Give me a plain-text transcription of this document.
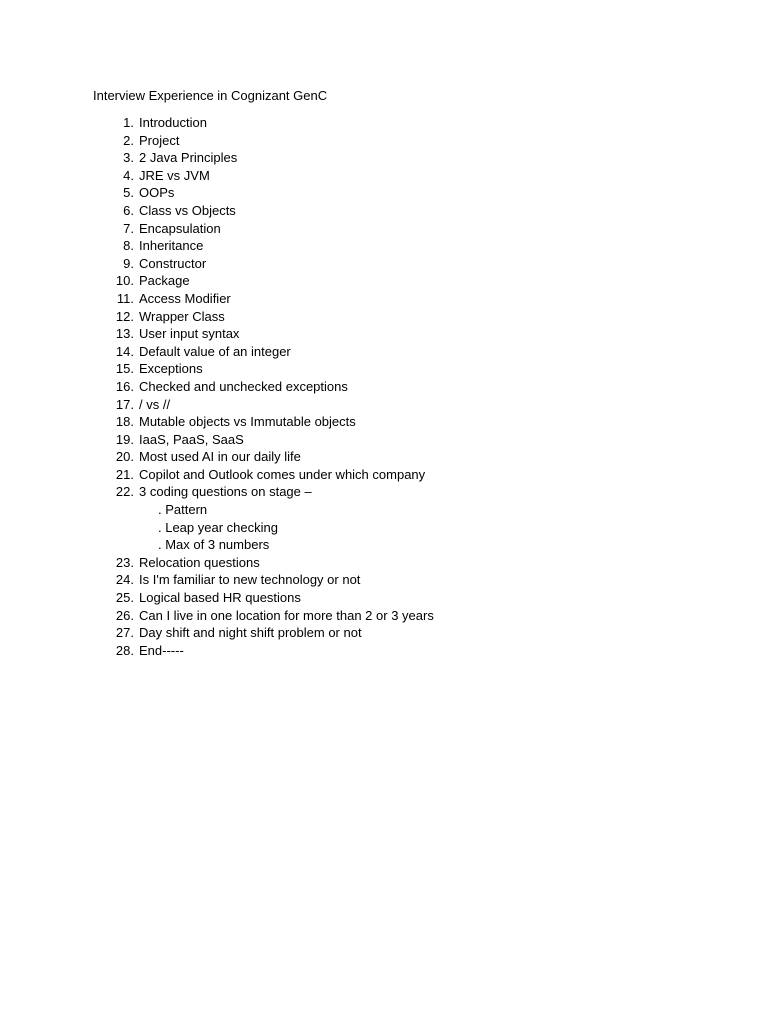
Interview Experience in Cognizant GenC
1. Introduction
2. Project
3. 2 Java Principles
4. JRE vs JVM
5. OOPs
6. Class vs Objects
7. Encapsulation
8. Inheritance
9. Constructor
10. Package
11. Access Modifier
12. Wrapper Class
13. User input syntax
14. Default value of an integer
15. Exceptions
16. Checked and unchecked exceptions
17. / vs //
18. Mutable objects vs Immutable objects
19. IaaS, PaaS, SaaS
20. Most used AI in our daily life
21. Copilot and Outlook comes under which company
22. 3 coding questions on stage –
. Pattern
. Leap year checking
. Max of 3 numbers
23. Relocation questions
24. Is I'm familiar to new technology or not
25. Logical based HR questions
26. Can I live in one location for more than 2 or 3 years
27. Day shift and night shift problem or not
28. End-----
